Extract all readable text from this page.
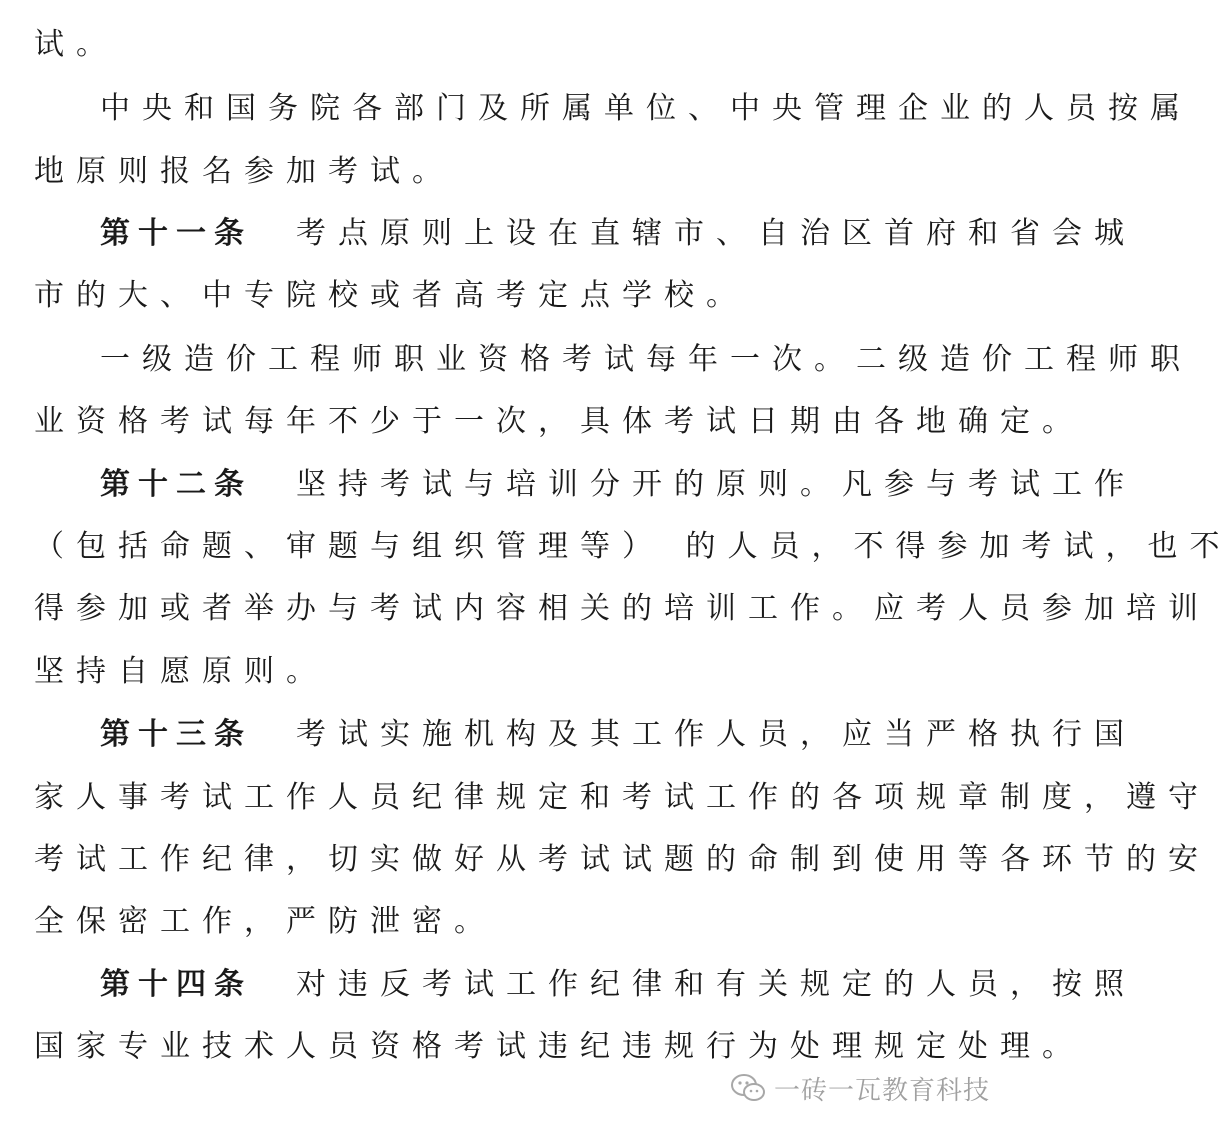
试。
中央和国务院各部门及所属单位、中央管理企业的人员按属
地原则报名参加考试。
第十一条 考点原则上设在直辖市、自治区首府和省会城
市的大、中专院校或者高考定点学校。
一级造价工程师职业资格考试每年一次。二级造价工程师职
业资格考试每年不少于一次，具体考试日期由各地确定。
第十二条 坚持考试与培训分开的原则。凡参与考试工作
（包括命题、审题与组织管理等） 的人员，不得参加考试，也不
得参加或者举办与考试内容相关的培训工作。应考人员参加培训
坚持自愿原则。
第十三条 考试实施机构及其工作人员，应当严格执行国
家人事考试工作人员纪律规定和考试工作的各项规章制度，遵守
考试工作纪律，切实做好从考试试题的命制到使用等各环节的安
全保密工作，严防泄密。
第十四条 对违反考试工作纪律和有关规定的人员，按照
国家专业技术人员资格考试违纪违规行为处理规定处理。
一砖一瓦教育科技
